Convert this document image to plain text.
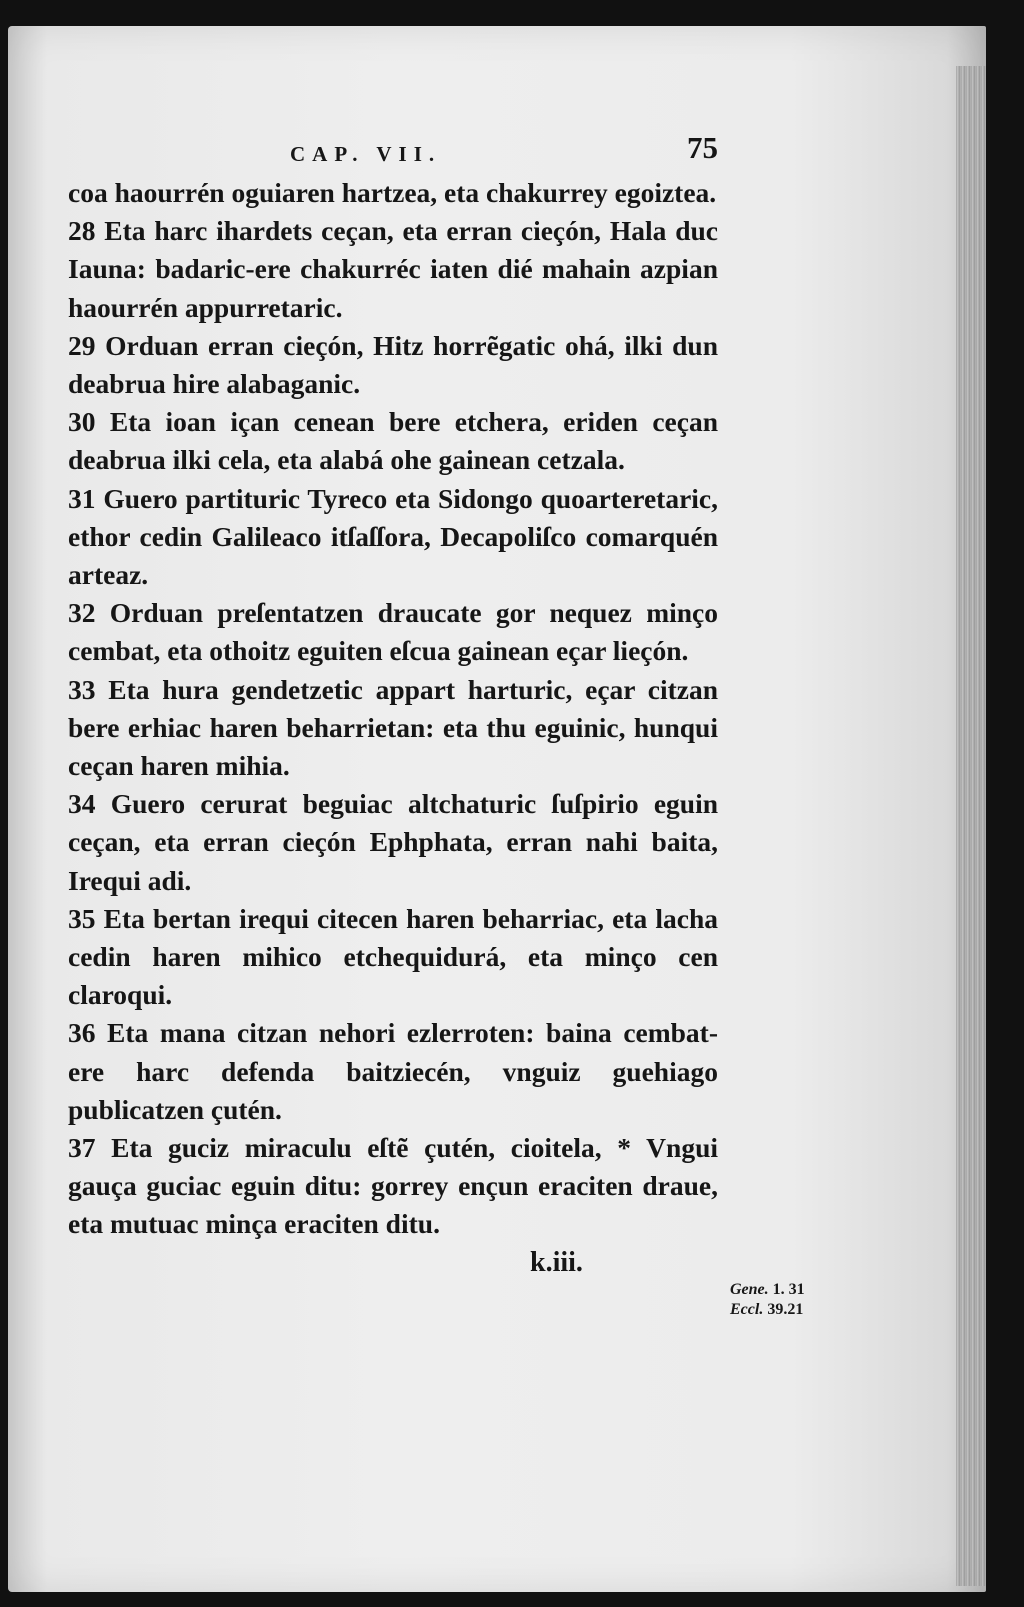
CAP. VII.	75

coa haourrén oguiaren hartzea, eta chakurrey egoiztea.

28 Eta harc ihardets ceçan, eta erran cieçón, Hala duc Iauna: badaric-ere chakurréc iaten dié mahain azpian haourrén appurretaric.

29 Orduan erran cieçón, Hitz horrẽgatic ohá, ilki dun deabrua hire alabaganic.

30 Eta ioan içan cenean bere etchera, eriden ceçan deabrua ilki cela, eta alabá ohe gainean cetzala.

31 Guero partituric Tyreco eta Sidongo quoarteretaric, ethor cedin Galileaco itſaſſora, Decapoliſco comarquén arteaz.

32 Orduan preſentatzen draucate gor nequez minço cembat, eta othoitz eguiten eſcua gainean eçar lieçón.

33 Eta hura gendetzetic appart harturic, eçar citzan bere erhiac haren beharrietan: eta thu eguinic, hunqui ceçan haren mihia.

34 Guero cerurat beguiac altchaturic ſuſpirio eguin ceçan, eta erran cieçón Ephphata, erran nahi baita, Irequi adi.

35 Eta bertan irequi citecen haren beharriac, eta lacha cedin haren mihico etchequidurá, eta minço cen claroqui.

36 Eta mana citzan nehori ezlerroten: baina cembat-ere harc defenda baitziecén, vnguiz guehiago publicatzen çutén.

37 Eta guciz miraculu eſtẽ çutén, cioitela, * Vngui gauça guciac eguin ditu: gorrey ençun eraciten draue, eta mutuac minça eraciten ditu.

k.iii.
Gene. 1. 31
Eccl. 39.21
